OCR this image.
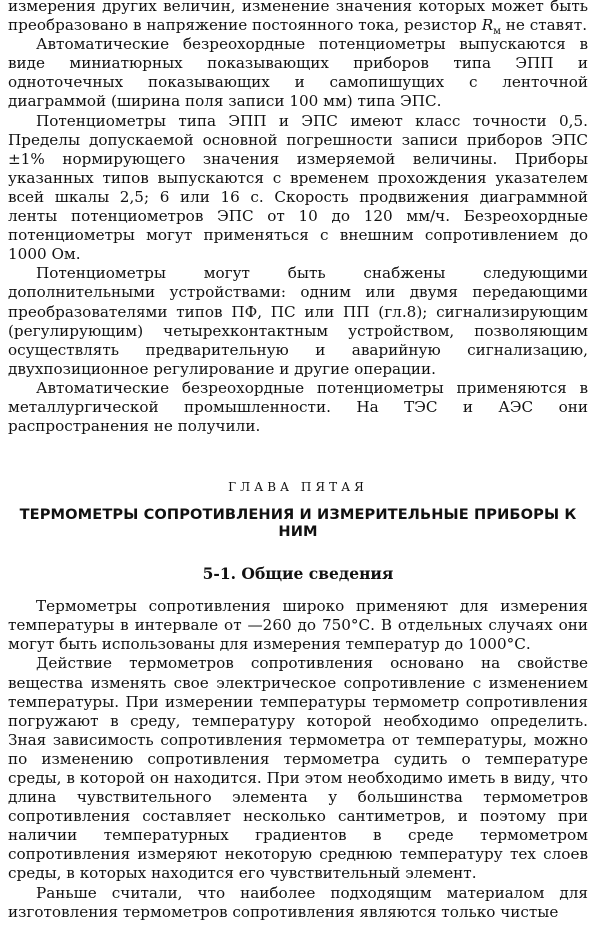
измерения других величин, изменение значения которых может быть преобразовано в напряжение постоянного тока, резистор $R_м$ не ставят.

Автоматические безреохордные потенциометры выпускаются в виде миниатюрных показывающих приборов типа ЭПП и одноточечных показывающих и самопишущих с ленточной диаграммой (ширина поля записи 100 мм) типа ЭПС.

Потенциометры типа ЭПП и ЭПС имеют класс точности 0,5. Пределы допускаемой основной погрешности записи приборов ЭПС ±1% нормирующего значения измеряемой величины. Приборы указанных типов выпускаются с временем прохождения указателем всей шкалы 2,5; 6 или 16 с. Скорость продвижения диаграммной ленты потенциометров ЭПС от 10 до 120 мм/ч. Безреохордные потенциометры могут применяться с внешним сопротивлением до 1000 Ом.

Потенциометры могут быть снабжены следующими дополнительными устройствами: одним или двумя передающими преобразователями типов ПФ, ПС или ПП (гл.8); сигнализирующим (регулирующим) четырехконтактным устройством, позволяющим осуществлять предварительную и аварийную сигнализацию, двухпозиционное регулирование и другие операции.

Автоматические безреохордные потенциометры применяются в металлургической промышленности. На ТЭС и АЭС они распространения не получили.

ГЛАВА ПЯТАЯ

ТЕРМОМЕТРЫ СОПРОТИВЛЕНИЯ И ИЗМЕРИТЕЛЬНЫЕ ПРИБОРЫ К НИМ

5-1. Общие сведения

Термометры сопротивления широко применяют для измерения температуры в интервале от —260 до 750°С. В отдельных случаях они могут быть использованы для измерения температур до 1000°С.

Действие термометров сопротивления основано на свойстве вещества изменять свое электрическое сопротивление с изменением температуры. При измерении температуры термометр сопротивления погружают в среду, температуру которой необходимо определить. Зная зависимость сопротивления термометра от температуры, можно по изменению сопротивления термометра судить о температуре среды, в которой он находится. При этом необходимо иметь в виду, что длина чувствительного элемента у большинства термометров сопротивления составляет несколько сантиметров, и поэтому при наличии температурных градиентов в среде термометром сопротивления измеряют некоторую среднюю температуру тех слоев среды, в которых находится его чувствительный элемент.

Раньше считали, что наиболее подходящим материалом для изготовления термометров сопротивления являются только чистые
